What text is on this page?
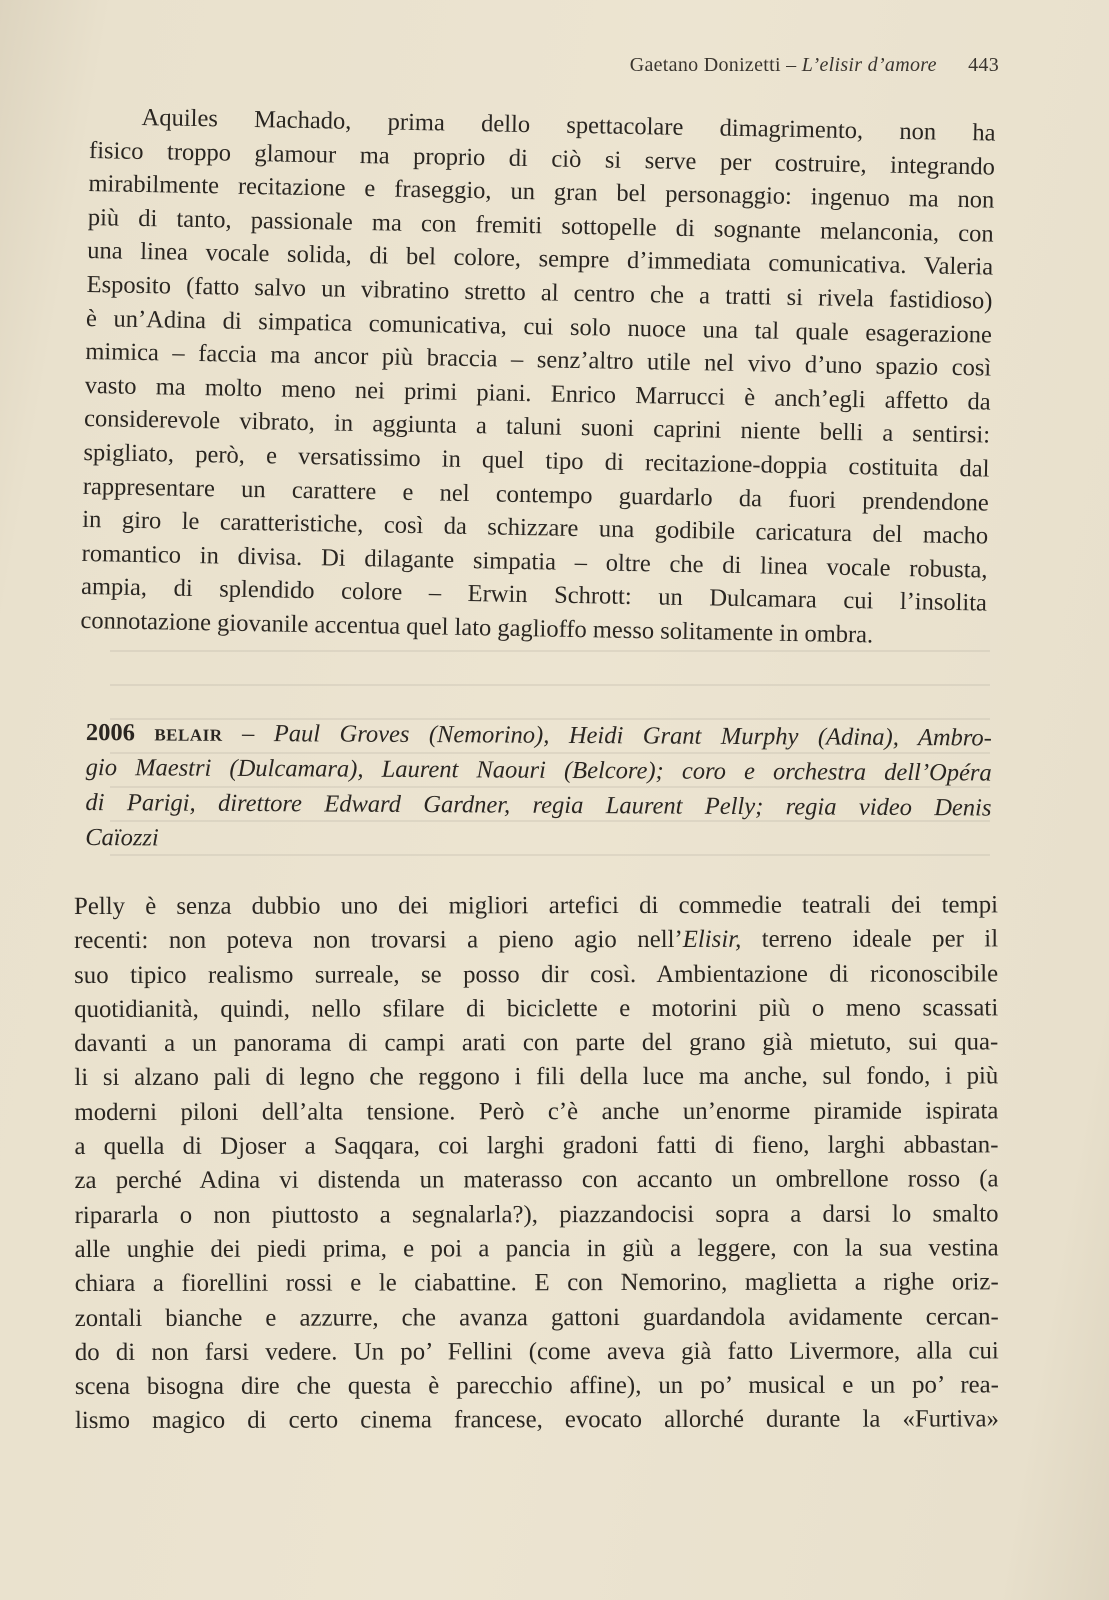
Gaetano Donizetti – L’elisir d’amore 443
Aquiles Machado, prima dello spettacolare dimagrimento, non ha
fisico troppo glamour ma proprio di ciò si serve per costruire, integrando
mirabilmente recitazione e fraseggio, un gran bel personaggio: ingenuo ma non
più di tanto, passionale ma con fremiti sottopelle di sognante melanconia, con
una linea vocale solida, di bel colore, sempre d’immediata comunicativa. Valeria
Esposito (fatto salvo un vibratino stretto al centro che a tratti si rivela fastidioso)
è un’Adina di simpatica comunicativa, cui solo nuoce una tal quale esagerazione
mimica – faccia ma ancor più braccia – senz’altro utile nel vivo d’uno spazio così
vasto ma molto meno nei primi piani. Enrico Marrucci è anch’egli affetto da
considerevole vibrato, in aggiunta a taluni suoni caprini niente belli a sentirsi:
spigliato, però, e versatissimo in quel tipo di recitazione-doppia costituita dal
rappresentare un carattere e nel contempo guardarlo da fuori prendendone
in giro le caratteristiche, così da schizzare una godibile caricatura del macho
romantico in divisa. Di dilagante simpatia – oltre che di linea vocale robusta,
ampia, di splendido colore – Erwin Schrott: un Dulcamara cui l’insolita
connotazione giovanile accentua quel lato gaglioffo messo solitamente in ombra.
2006 belair – Paul Groves (Nemorino), Heidi Grant Murphy (Adina), Ambro-
gio Maestri (Dulcamara), Laurent Naouri (Belcore); coro e orchestra dell’Opéra
di Parigi, direttore Edward Gardner, regia Laurent Pelly; regia video Denis
Caïozzi
Pelly è senza dubbio uno dei migliori artefici di commedie teatrali dei tempi
recenti: non poteva non trovarsi a pieno agio nell’Elisir, terreno ideale per il
suo tipico realismo surreale, se posso dir così. Ambientazione di riconoscibile
quotidianità, quindi, nello sfilare di biciclette e motorini più o meno scassati
davanti a un panorama di campi arati con parte del grano già mietuto, sui qua-
li si alzano pali di legno che reggono i fili della luce ma anche, sul fondo, i più
moderni piloni dell’alta tensione. Però c’è anche un’enorme piramide ispirata
a quella di Djoser a Saqqara, coi larghi gradoni fatti di fieno, larghi abbastan-
za perché Adina vi distenda un materasso con accanto un ombrellone rosso (a
ripararla o non piuttosto a segnalarla?), piazzandocisi sopra a darsi lo smalto
alle unghie dei piedi prima, e poi a pancia in giù a leggere, con la sua vestina
chiara a fiorellini rossi e le ciabattine. E con Nemorino, maglietta a righe oriz-
zontali bianche e azzurre, che avanza gattoni guardandola avidamente cercan-
do di non farsi vedere. Un po’ Fellini (come aveva già fatto Livermore, alla cui
scena bisogna dire che questa è parecchio affine), un po’ musical e un po’ rea-
lismo magico di certo cinema francese, evocato allorché durante la «Furtiva»
